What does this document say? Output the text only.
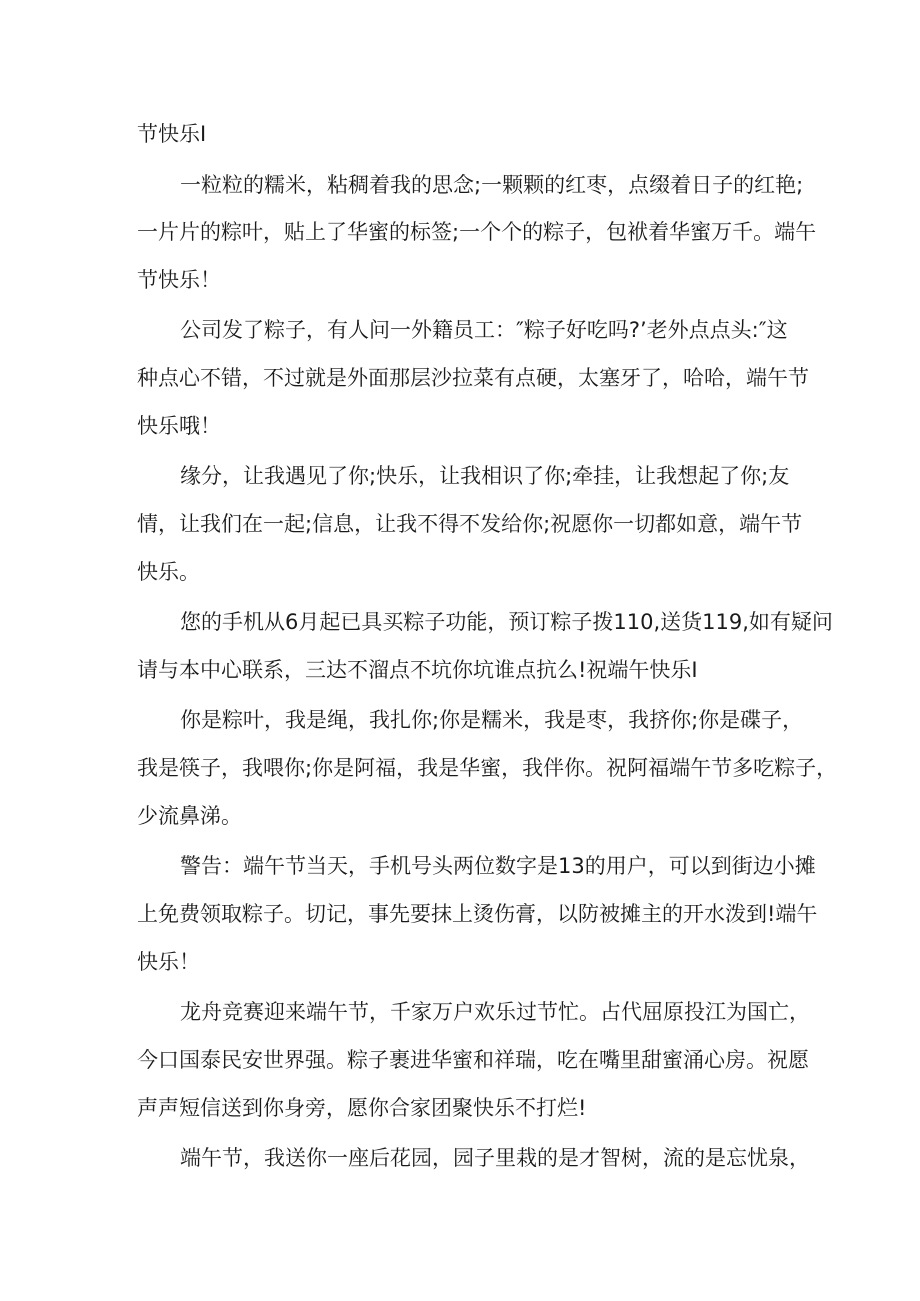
节快乐I
一粒粒的糯米，粘稠着我的思念;一颗颗的红枣，点缀着日子的红艳;
一片片的粽叶，贴上了华蜜的标签;一个个的粽子，包袱着华蜜万千。端午
节快乐！
公司发了粽子，有人问一外籍员工：″粽子好吃吗?’老外点点头:″这
种点心不错，不过就是外面那层沙拉菜有点硬，太塞牙了，哈哈，端午节
快乐哦！
缘分，让我遇见了你;快乐，让我相识了你;牵挂，让我想起了你;友
情，让我们在一起;信息，让我不得不发给你;祝愿你一切都如意，端午节
快乐。
您的手机从6月起已具买粽子功能，预订粽子拨110,送货119,如有疑问
请与本中心联系，三达不溜点不坑你坑谁点抗么!祝端午快乐I
你是粽叶，我是绳，我扎你;你是糯米，我是枣，我挤你;你是碟子，
我是筷子，我喂你;你是阿福，我是华蜜，我伴你。祝阿福端午节多吃粽子，
少流鼻涕。
警告：端午节当天，手机号头两位数字是13的用户，可以到街边小摊
上免费领取粽子。切记，事先要抹上烫伤膏，以防被摊主的开水泼到!端午
快乐！
龙舟竞赛迎来端午节，千家万户欢乐过节忙。占代屈原投江为国亡，
今口国泰民安世界强。粽子裹进华蜜和祥瑞，吃在嘴里甜蜜涌心房。祝愿
声声短信送到你身旁，愿你合家团聚快乐不打烂!
端午节，我送你一座后花园，园子里栽的是才智树，流的是忘忧泉，
